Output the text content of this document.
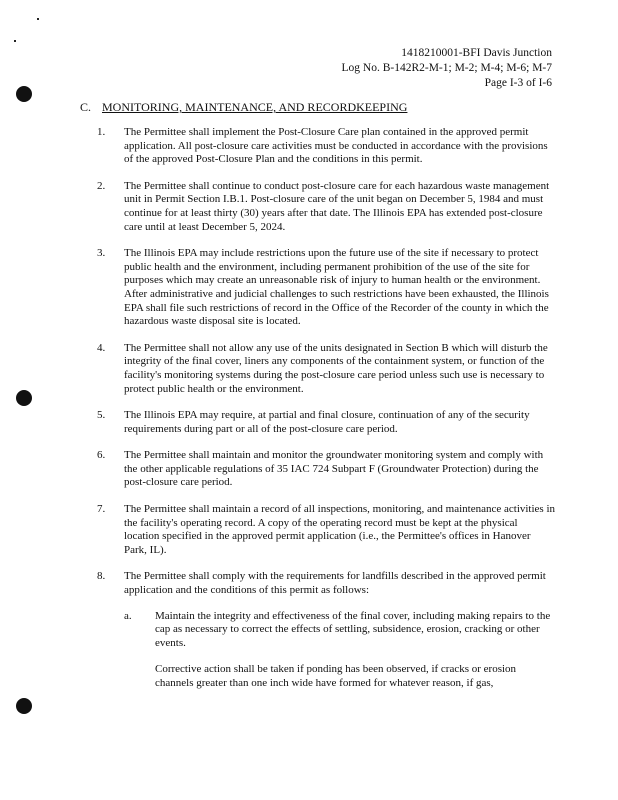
1418210001-BFI Davis Junction
Log No. B-142R2-M-1; M-2; M-4; M-6; M-7
Page I-3 of I-6
C. MONITORING, MAINTENANCE, AND RECORDKEEPING
1.	The Permittee shall implement the Post-Closure Care plan contained in the approved permit application. All post-closure care activities must be conducted in accordance with the provisions of the approved Post-Closure Plan and the conditions in this permit.
2.	The Permittee shall continue to conduct post-closure care for each hazardous waste management unit in Permit Section I.B.1. Post-closure care of the unit began on December 5, 1984 and must continue for at least thirty (30) years after that date. The Illinois EPA has extended post-closure care until at least December 5, 2024.
3.	The Illinois EPA may include restrictions upon the future use of the site if necessary to protect public health and the environment, including permanent prohibition of the use of the site for purposes which may create an unreasonable risk of injury to human health or the environment. After administrative and judicial challenges to such restrictions have been exhausted, the Illinois EPA shall file such restrictions of record in the Office of the Recorder of the county in which the hazardous waste disposal site is located.
4.	The Permittee shall not allow any use of the units designated in Section B which will disturb the integrity of the final cover, liners any components of the containment system, or function of the facility's monitoring systems during the post-closure care period unless such use is necessary to protect public health or the environment.
5.	The Illinois EPA may require, at partial and final closure, continuation of any of the security requirements during part or all of the post-closure care period.
6.	The Permittee shall maintain and monitor the groundwater monitoring system and comply with the other applicable regulations of 35 IAC 724 Subpart F (Groundwater Protection) during the post-closure care period.
7.	The Permittee shall maintain a record of all inspections, monitoring, and maintenance activities in the facility's operating record. A copy of the operating record must be kept at the physical location specified in the approved permit application (i.e., the Permittee's offices in Hanover Park, IL).
8.	The Permittee shall comply with the requirements for landfills described in the approved permit application and the conditions of this permit as follows:
a.	Maintain the integrity and effectiveness of the final cover, including making repairs to the cap as necessary to correct the effects of settling, subsidence, erosion, cracking or other events.
Corrective action shall be taken if ponding has been observed, if cracks or erosion channels greater than one inch wide have formed for whatever reason, if gas,
